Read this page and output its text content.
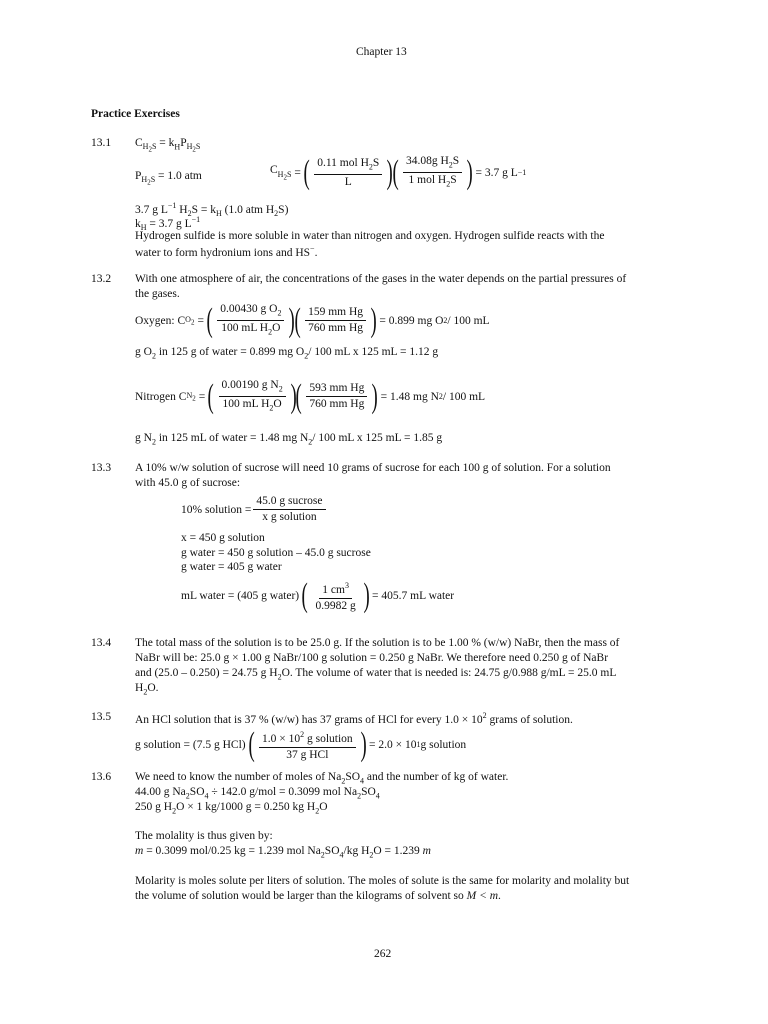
Chapter 13
Practice Exercises
13.1 $C_{H_2S} = k_HP_{H_2S}$
$P_{H_2S} = 1.0$ atm	$C_{H_2S}$ = ( $\frac{0.11 mol H_2S}{L}$ ) ( $\frac{34.08g H_2S}{1 mol H_2S}$ ) = 3.7 g L −1
3.7 g $L^{-1}$ $H_2S = k_H$ (1.0 atm $H_2S$)
$k_H = 3.7$ g $L^{-1}$
Hydrogen sulfide is more soluble in water than nitrogen and oxygen. Hydrogen sulfide reacts with the
water to form hydronium ions and HS−.
13.2 With one atmosphere of air, the concentrations of the gases in the water depends on the partial pressures of
the gases.
Oxygen: C $O_2$ = ( $\frac{0.00430 g O_2}{100 mL H_2O}$ ) ( $\frac{\text{159 mm Hg}}{\text{760 mm Hg}}$ ) = 0.899 mg O 2 / 100 mL
g $O_2$ in 125 g of water = 0.899 mg $O_2/$ 100 mL x 125 mL = 1.12 g
Nitrogen C $N_2$ = ( $\frac{0.00190 g N_2}{100 mL H_2O}$ ) ( $\frac{\text{593 mm Hg}}{\text{760 mm Hg}}$ ) = 1.48 mg N 2 / 100 mL
g $N_2$ in 125 mL of water = 1.48 mg $N_2/$ 100 mL x 125 mL = 1.85 g
13.3 A 10% w/w solution of sucrose will need 10 grams of sucrose for each 100 g of solution. For a solution
with 45.0 g of sucrose:
10% solution = $\frac{\text{45.0 g sucrose}}{\text{x g solution}}$
x = 450 g solution
g water = 450 g solution – 45.0 g sucrose
g water = 405 g water
mL water = (405 g water) ( $\frac{1 cm^3}{0.9982 g}$ ) = 405.7 mL water
13.4 The total mass of the solution is to be 25.0 g. If the solution is to be 1.00 % (w/w) NaBr, then the mass of
NaBr will be: 25.0 g × 1.00 g NaBr/100 g solution = 0.250 g NaBr. We therefore need 0.250 g of NaBr
and (25.0 – 0.250) = 24.75 g $H_2O$. The volume of water that is needed is: 24.75 g/0.988 g/mL = 25.0 mL
$H_2O$.
13.5 An HCl solution that is 37 % (w/w) has 37 grams of HCl for every $1.0 \times 10^2$ grams of solution.
g solution = (7.5 g HCl) ( $\frac{1.0 \times 10^2 g solution}{\text{37 g HCl}}$ ) = 2.0 × 10 1 g solution
13.6 We need to know the number of moles of $Na_2SO_4$ and the number of kg of water.
44.00 g $Na_2SO_4 \div 142.0$ g/mol = 0.3099 mol $Na_2SO_4$
250 g $H_2O \times 1$ kg/1000 g = 0.250 kg $H_2O$
The molality is thus given by:
m = 0.3099 mol/0.25 kg = 1.239 mol $Na_2SO_4/kg$ $H_2O = 1.239$ m
Molarity is moles solute per liters of solution. The moles of solute is the same for molarity and molality but
the volume of solution would be larger than the kilograms of solvent so M < m.
262
